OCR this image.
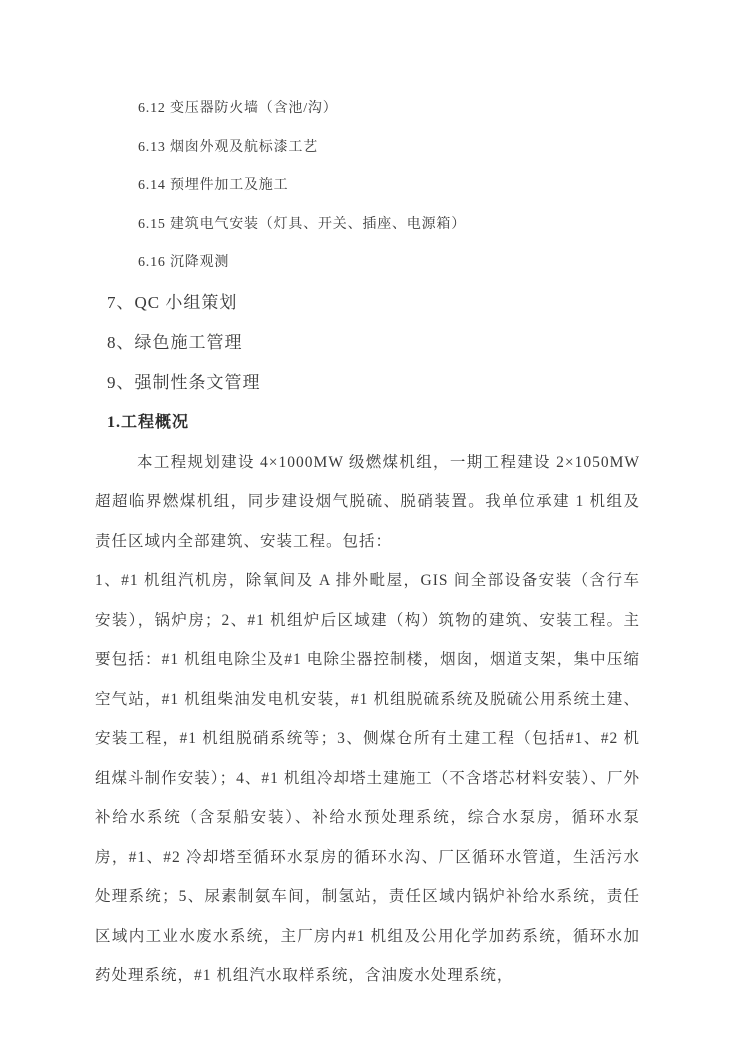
6.12 变压器防火墙（含池/沟）

6.13 烟囱外观及航标漆工艺

6.14 预埋件加工及施工

6.15 建筑电气安装（灯具、开关、插座、电源箱）

6.16 沉降观测

7、QC 小组策划

8、绿色施工管理

9、强制性条文管理

1.工程概况

本工程规划建设 4×1000MW 级燃煤机组，一期工程建设 2×1050MW 超超临界燃煤机组，同步建设烟气脱硫、脱硝装置。我单位承建 1 机组及责任区域内全部建筑、安装工程。包括：

1、#1 机组汽机房，除氧间及 A 排外毗屋，GIS 间全部设备安装（含行车安装），锅炉房；2、#1 机组炉后区域建（构）筑物的建筑、安装工程。主要包括：#1 机组电除尘及#1 电除尘器控制楼，烟囱，烟道支架，集中压缩空气站，#1 机组柴油发电机安装，#1 机组脱硫系统及脱硫公用系统土建、安装工程，#1 机组脱硝系统等；3、侧煤仓所有土建工程（包括#1、#2 机组煤斗制作安装）；4、#1 机组冷却塔土建施工（不含塔芯材料安装）、厂外补给水系统（含泵船安装）、补给水预处理系统，综合水泵房，循环水泵房，#1、#2 冷却塔至循环水泵房的循环水沟、厂区循环水管道，生活污水处理系统；5、尿素制氨车间，制氢站，责任区域内锅炉补给水系统，责任区域内工业水废水系统，主厂房内#1 机组及公用化学加药系统，循环水加药处理系统，#1 机组汽水取样系统，含油废水处理系统，
